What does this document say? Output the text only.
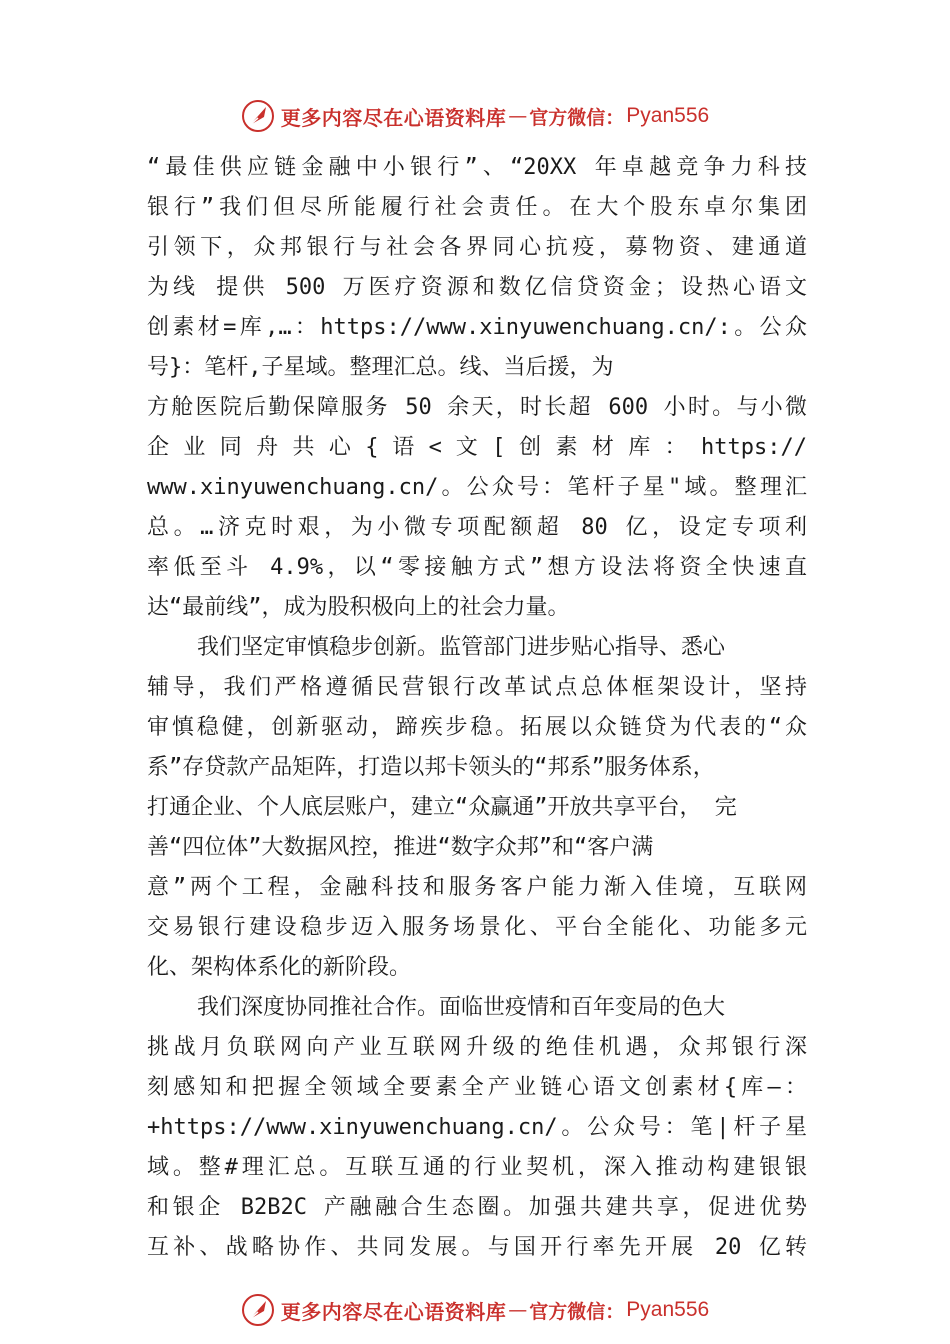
更多内容尽在心语资料库 — 官方微信： Pyan556
“最佳供应链金融中小银行”、“20XX 年卓越竞争力科技
银行”我们但尽所能履行社会责任。在大个股东卓尔集团
引领下，众邦银行与社会各界同心抗疫，募物资、建通道
为线 提供 500 万医疗资源和数亿信贷资金；设热心语文
创素材=库,…：https://www.xinyuwenchuang.cn/:。公众
号}：笔杆,子星域。整理汇总。线、当后援，为
方舱医院后勤保障服务 50 余天，时长超 600 小时。与小微
企 业 同 舟 共 心 { 语 < 文 [ 创 素 材 库 ： https://
www.xinyuwenchuang.cn/。公众号：笔杆子星"域。整理汇
总。…济克时艰，为小微专项配额超 80 亿，设定专项利
率低至斗 4.9%，以“零接触方式”想方设法将资全快速直
达“最前线”，成为股积极向上的社会力量。
我们坚定审慎稳步创新。监管部门进步贴心指导、悉心
辅导，我们严格遵循民营银行改革试点总体框架设计，坚持
审慎稳健，创新驱动，蹄疾步稳。拓展以众链贷为代表的“众
系”存贷款产品矩阵，打造以邦卡领头的“邦系”服务体系，
打通企业、个人底层账户，建立“众赢通”开放共享平台， 完
善“四位体”大数据风控，推进“数字众邦”和“客户满
意”两个工程，金融科技和服务客户能力渐入佳境，互联网
交易银行建设稳步迈入服务场景化、平台全能化、功能多元
化、架构体系化的新阶段。
我们深度协同推社合作。面临世疫情和百年变局的色大
挑战月负联网向产业互联网升级的绝佳机遇，众邦银行深
刻感知和把握全领域全要素全产业链心语文创素材{库—：
+https://www.xinyuwenchuang.cn/。公众号：笔|杆子星
域。整#理汇总。互联互通的行业契机，深入推动构建银银
和银企 B2B2C 产融融合生态圈。加强共建共享，促进优势
互补、战略协作、共同发展。与国开行率先开展 20 亿转
更多内容尽在心语资料库 — 官方微信： Pyan556
